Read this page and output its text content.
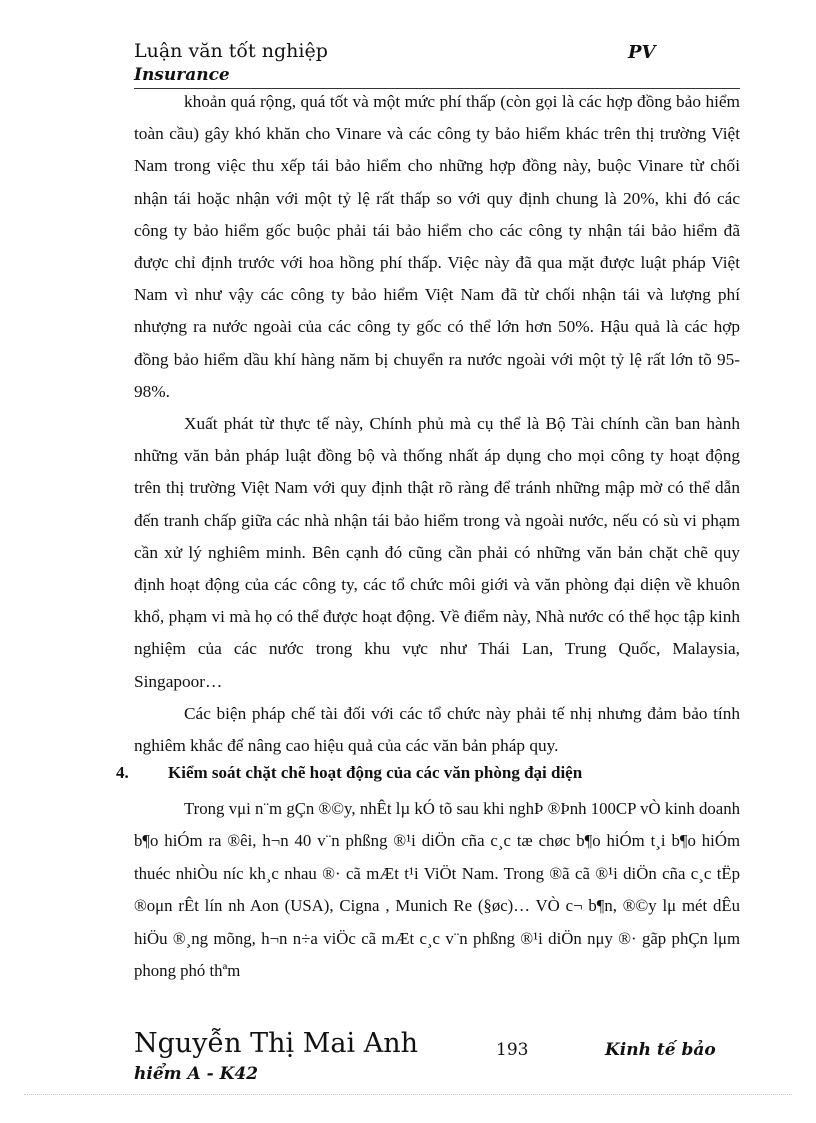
Luận văn tốt nghiệp	PV
Insurance

khoản quá rộng, quá tốt và một mức phí thấp (còn gọi là các hợp đồng bảo hiểm toàn cầu) gây khó khăn cho Vinare và các công ty bảo hiểm khác trên thị trường Việt Nam trong việc thu xếp tái bảo hiểm cho những hợp đồng này, buộc Vinare từ chối nhận tái hoặc nhận với một tỷ lệ rất thấp so với quy định chung là 20%, khi đó các công ty bảo hiểm gốc buộc phải tái bảo hiểm cho các công ty nhận tái bảo hiểm đã được chỉ định trước với hoa hồng phí thấp. Việc này đã qua mặt được luật pháp Việt Nam vì như vậy các công ty bảo hiểm Việt Nam đã từ chối nhận tái và lượng phí nhượng ra nước ngoài của các công ty gốc có thể lớn hơn 50%. Hậu quả là các hợp đồng bảo hiểm dầu khí hàng năm bị chuyển ra nước ngoài với một tỷ lệ rất lớn tõ 95-98%.

Xuất phát từ thực tế này, Chính phủ mà cụ thể là Bộ Tài chính cần ban hành những văn bản pháp luật đồng bộ và thống nhất áp dụng cho mọi công ty hoạt động trên thị trường Việt Nam với quy định thật rõ ràng để tránh những mập mờ có thể dẫn đến tranh chấp giữa các nhà nhận tái bảo hiểm trong và ngoài nước, nếu có sù vi phạm cần xử lý nghiêm minh. Bên cạnh đó cũng cần phải có những văn bản chặt chẽ quy định hoạt động của các công ty, các tổ chức môi giới và văn phòng đại diện về khuôn khổ, phạm vi mà họ có thể được hoạt động. Về điểm này, Nhà nước có thể học tập kinh nghiệm của các nước trong khu vực như Thái Lan, Trung Quốc, Malaysia, Singapoor…

Các biện pháp chế tài đối với các tổ chức này phải tế nhị nhưng đảm bảo tính nghiêm khắc để nâng cao hiệu quả của các văn bản pháp quy.

4. Kiểm soát chặt chẽ hoạt động của các văn phòng đại diện

Trong vμi n¨m gÇn ®©y, nhÊt lµ kÓ tõ sau khi nghÞ ®Þnh 100CP vÒ kinh doanh b¶o hiÓm ra ®êi, h¬n 40 v¨n phßng ®¹i diÖn cña c¸c tæ chøc b¶o hiÓm t¸i b¶o hiÓm thuéc nhiÒu níc kh¸c nhau ®· cã mÆt t¹i ViÖt Nam. Trong ®ã cã ®¹i diÖn cña c¸c tËp ®oμn rÊt lín nh Aon (USA), Cigna , Munich Re (§øc)… VÒ c¬ b¶n, ®©y lμ mét dÊu hiÖu ®¸ng mõng, h¬n n÷a viÖc cã mÆt c¸c v¨n phßng ®¹i diÖn nμy ®· gãp phÇn lμm phong phó thªm

Nguyễn Thị Mai Anh	193	Kinh tế bảo
hiểm A - K42
